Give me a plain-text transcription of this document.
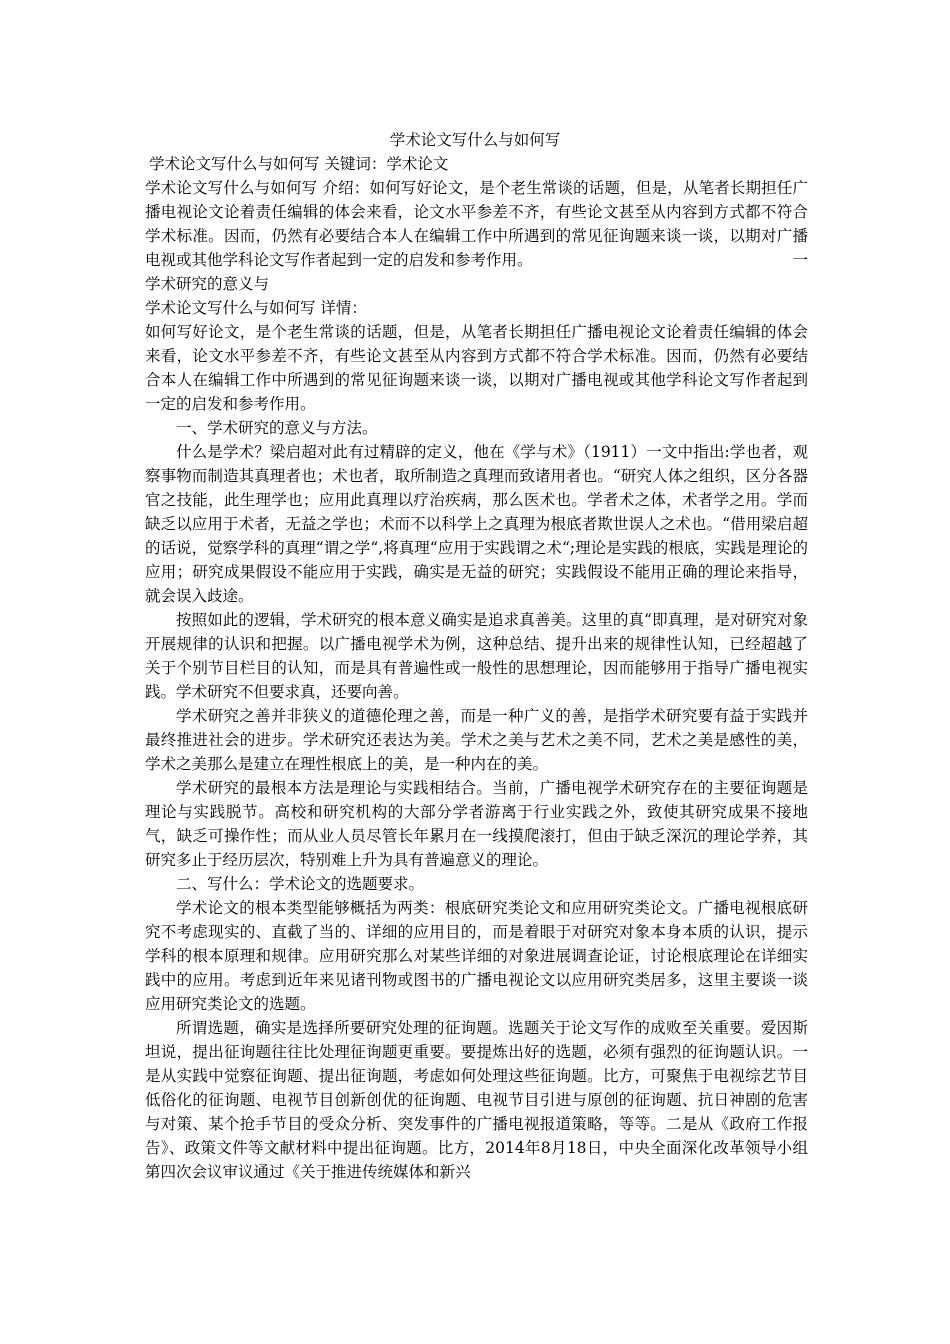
学术论文写什么与如何写

学术论文写什么与如何写 关键词：学术论文

学术论文写什么与如何写 介绍：如何写好论文，是个老生常谈的话题，但是，从笔者长期担任广播电视论文论着责任编辑的体会来看，论文水平参差不齐，有些论文甚至从内容到方式都不符合学术标准。因而，仍然有必要结合本人在编辑工作中所遇到的常见征询题来谈一谈，以期对广播电视或其他学科论文写作者起到一定的启发和参考作用。	一

学术研究的意义与

学术论文写什么与如何写 详情：

如何写好论文，是个老生常谈的话题，但是，从笔者长期担任广播电视论文论着责任编辑的体会来看，论文水平参差不齐，有些论文甚至从内容到方式都不符合学术标准。因而，仍然有必要结合本人在编辑工作中所遇到的常见征询题来谈一谈，以期对广播电视或其他学科论文写作者起到一定的启发和参考作用。

一、学术研究的意义与方法。

什么是学术？梁启超对此有过精辟的定义，他在《学与术》（1911）一文中指出:学也者，观察事物而制造其真理者也；术也者，取所制造之真理而致诸用者也。“研究人体之组织，区分各器官之技能，此生理学也；应用此真理以疗治疾病，那么医术也。学者术之体，术者学之用。学而缺乏以应用于术者，无益之学也；术而不以科学上之真理为根底者欺世误人之术也。“借用梁启超的话说，觉察学科的真理“谓之学“,将真理“应用于实践谓之术“;理论是实践的根底，实践是理论的应用；研究成果假设不能应用于实践，确实是无益的研究；实践假设不能用正确的理论来指导，就会误入歧途。

按照如此的逻辑，学术研究的根本意义确实是追求真善美。这里的真“即真理，是对研究对象开展规律的认识和把握。以广播电视学术为例，这种总结、提升出来的规律性认知，已经超越了关于个别节目栏目的认知，而是具有普遍性或一般性的思想理论，因而能够用于指导广播电视实践。学术研究不但要求真，还要向善。

学术研究之善并非狭义的道德伦理之善，而是一种广义的善，是指学术研究要有益于实践并最终推进社会的进步。学术研究还表达为美。学术之美与艺术之美不同，艺术之美是感性的美，学术之美那么是建立在理性根底上的美，是一种内在的美。

学术研究的最根本方法是理论与实践相结合。当前，广播电视学术研究存在的主要征询题是理论与实践脱节。高校和研究机构的大部分学者游离于行业实践之外，致使其研究成果不接地气，缺乏可操作性；而从业人员尽管长年累月在一线摸爬滚打，但由于缺乏深沉的理论学养，其研究多止于经历层次，特别难上升为具有普遍意义的理论。

二、写什么：学术论文的选题要求。

学术论文的根本类型能够概括为两类：根底研究类论文和应用研究类论文。广播电视根底研究不考虑现实的、直截了当的、详细的应用目的，而是着眼于对研究对象本身本质的认识，提示学科的根本原理和规律。应用研究那么对某些详细的对象进展调查论证，讨论根底理论在详细实践中的应用。考虑到近年来见诸刊物或图书的广播电视论文以应用研究类居多，这里主要谈一谈应用研究类论文的选题。

所谓选题，确实是选择所要研究处理的征询题。选题关于论文写作的成败至关重要。爱因斯坦说，提出征询题往往比处理征询题更重要。要提炼出好的选题，必须有强烈的征询题认识。一是从实践中觉察征询题、提出征询题，考虑如何处理这些征询题。比方，可聚焦于电视综艺节目低俗化的征询题、电视节目创新创优的征询题、电视节目引进与原创的征询题、抗日神剧的危害与对策、某个抢手节目的受众分析、突发事件的广播电视报道策略，等等。二是从《政府工作报告》、政策文件等文献材料中提出征询题。比方，2014年8月18日，中央全面深化改革领导小组第四次会议审议通过《关于推进传统媒体和新兴
